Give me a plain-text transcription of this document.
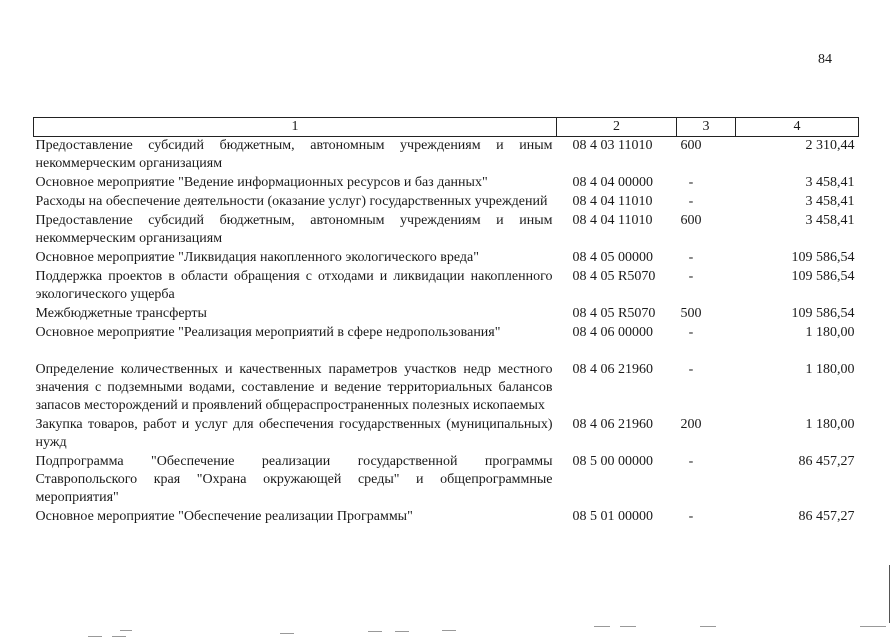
84
1	2	3	4
Предоставление субсидий бюджетным, автономным учреждениям и иным некоммерческим организациям	08 4 03 11010	600	2 310,44
Основное мероприятие "Ведение информационных ресурсов и баз данных"	08 4 04 00000	-	3 458,41
Расходы на обеспечение деятельности (оказание услуг) государственных учреждений	08 4 04 11010	-	3 458,41
Предоставление субсидий бюджетным, автономным учреждениям и иным некоммерческим организациям	08 4 04 11010	600	3 458,41
Основное мероприятие "Ликвидация накопленного экологического вреда"	08 4 05 00000	-	109 586,54
Поддержка проектов в области обращения с отходами и ликвидации накопленного экологического ущерба	08 4 05 R5070	-	109 586,54
Межбюджетные трансферты	08 4 05 R5070	500	109 586,54
Основное мероприятие "Реализация мероприятий в сфере недропользования"	08 4 06 00000	-	1 180,00
Определение количественных и качественных параметров участков недр местного значения с подземными водами, составление и ведение территориальных балансов запасов месторождений и проявлений общераспространенных полезных ископаемых	08 4 06 21960	-	1 180,00
Закупка товаров, работ и услуг для обеспечения государственных (муниципальных) нужд	08 4 06 21960	200	1 180,00
Подпрограмма "Обеспечение реализации государственной программы Ставропольского края "Охрана окружающей среды" и общепрограммные мероприятия"	08 5 00 00000	-	86 457,27
Основное мероприятие "Обеспечение реализации Программы"	08 5 01 00000	-	86 457,27
